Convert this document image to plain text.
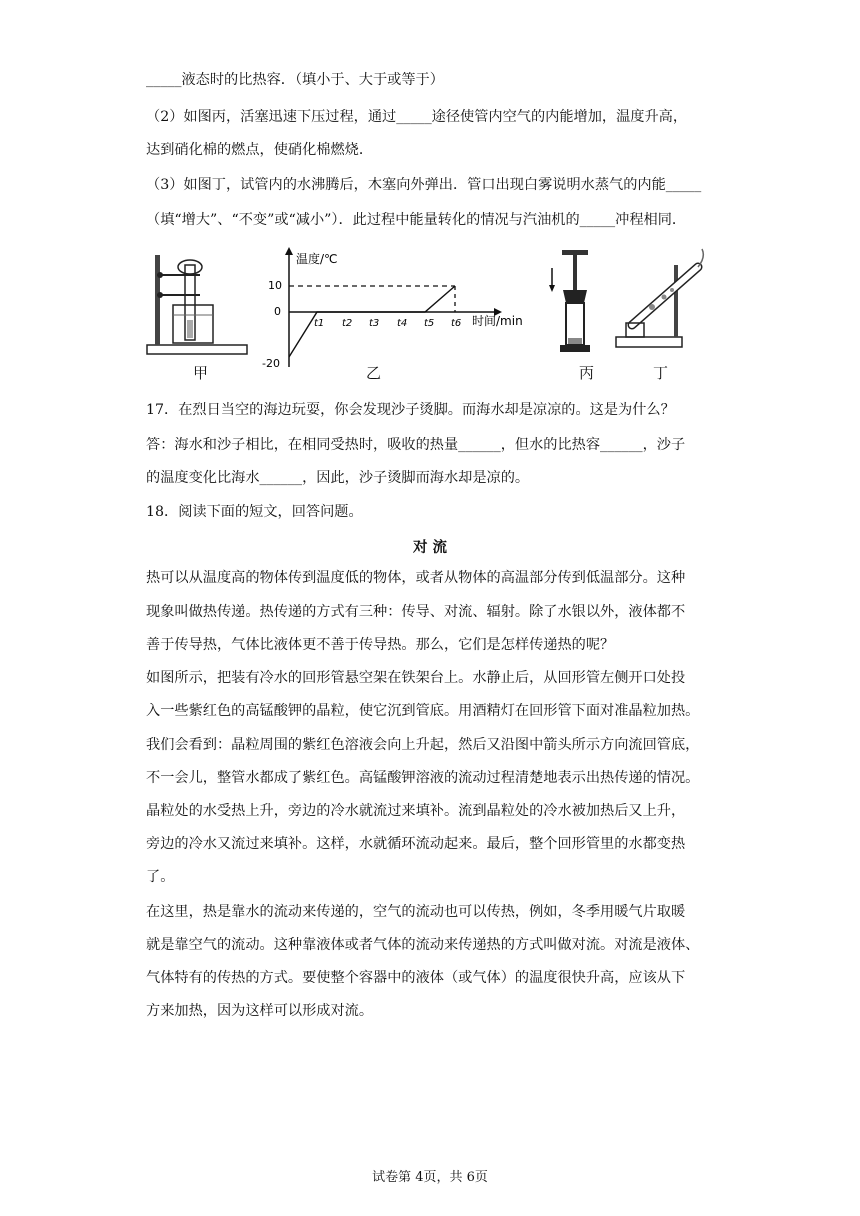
_____液态时的比热容．（填小于、大于或等于）
（2）如图丙，活塞迅速下压过程，通过_____途径使管内空气的内能增加，温度升高，
达到硝化棉的燃点，使硝化棉燃烧．
（3）如图丁，试管内的水沸腾后，木塞向外弹出．管口出现白雾说明水蒸气的内能_____
（填“增大”、“不变”或“减小”）．此过程中能量转化的情况与汽油机的_____冲程相同．
甲
温度/℃
时间/min
10
0
-20
t1 t2 t3 t4 t5 t6
乙	丙	丁
17．在烈日当空的海边玩耍，你会发现沙子烫脚。而海水却是凉凉的。这是为什么？
答：海水和沙子相比，在相同受热时，吸收的热量______，但水的比热容______，沙子
的温度变化比海水______，因此，沙子烫脚而海水却是凉的。
18．阅读下面的短文，回答问题。
对 流
热可以从温度高的物体传到温度低的物体，或者从物体的高温部分传到低温部分。这种
现象叫做热传递。热传递的方式有三种：传导、对流、辐射。除了水银以外，液体都不
善于传导热，气体比液体更不善于传导热。那么，它们是怎样传递热的呢？
如图所示，把装有冷水的回形管悬空架在铁架台上。水静止后，从回形管左侧开口处投
入一些紫红色的高锰酸钾的晶粒，使它沉到管底。用酒精灯在回形管下面对准晶粒加热。
我们会看到：晶粒周围的紫红色溶液会向上升起，然后又沿图中箭头所示方向流回管底，
不一会儿，整管水都成了紫红色。高锰酸钾溶液的流动过程清楚地表示出热传递的情况。
晶粒处的水受热上升，旁边的冷水就流过来填补。流到晶粒处的冷水被加热后又上升，
旁边的冷水又流过来填补。这样，水就循环流动起来。最后，整个回形管里的水都变热
了。
在这里，热是靠水的流动来传递的，空气的流动也可以传热，例如，冬季用暖气片取暖
就是靠空气的流动。这种靠液体或者气体的流动来传递热的方式叫做对流。对流是液体、
气体特有的传热的方式。要使整个容器中的液体（或气体）的温度很快升高，应该从下
方来加热，因为这样可以形成对流。
试卷第 4页，共 6页
